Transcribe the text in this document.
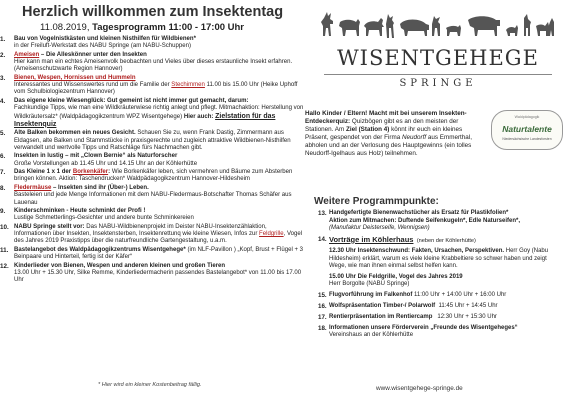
Herzlich willkommen zum Insektentag
11.08.2019, Tagesprogramm 11:00 - 17:00 Uhr
1. Bau von Vogelnistkästen und kleinen Nisthilfen für Wildbienen*
in der Freiluft-Werkstatt des NABU Springe (am NABU-Schuppen)
2. Ameisen – Die Alleskönner unter den Insekten
Hier kann man ein echtes Ameisenvolk beobachten und Vieles über dieses erstaunliche Insekt erfahren. (Ameisenschutzwarte Region Hannover)
3. Bienen, Wespen, Hornissen und Hummeln
Interessantes und Wissenswertes rund um die Familie der Stechimmen 11.00 bis 15.00 Uhr (Heike Uphoff vom Schulbiologiezentrum Hannover)
4. Das eigene kleine Wiesenglück: Gut gemeint ist nicht immer gut gemacht, darum:
Fachkundige Tipps, wie man eine Wildkräuterwiese richtig anlegt und pflegt. Mitmachaktion: Herstellung von Wildkräutersalz* (Waldpädagogikzentrum WPZ Wisentgehege) Hier auch: Zielstation für das Insektenquiz
5. Alte Balken bekommen ein neues Gesicht. Schauen Sie zu, wenn Frank Dastig, Zimmermann aus Eldagsen, alte Balken und Stammstücke in praxisgerechte und zugleich attraktive Wildbienen-Nisthilfen verwandelt und wertvolle Tipps und Ratschläge fürs Nachmachen gibt.
6. Insekten in lustig – mit „Clown Bernie“ als Naturforscher
Große Vorstellungen ab 11.45 Uhr und 14.15 Uhr an der Köhlerhütte
7. Das Kleine 1 x 1 der Borkenkäfer: Wie Borkenkäfer leben, sich vermehren und Bäume zum Absterben bringen können. Aktion: Taschendrucken* Waldpädagogikzentrum Hannover-Hildesheim
8. Fledermäuse – Insekten sind ihr (Über-) Leben.
Basteleien und jede Menge Informationen mit dem NABU-Fledermaus-Botschafter Thomas Schäfer aus Lauenau
9. Kinderschminken - Heute schminkt der Profi !
Lustige Schmetterlings-Gesichter und andere bunte Schminkereien
10. NABU Springe stellt vor: Das NABU-Wildbienenprojekt im Deister NABU-Insektenzählaktion, Informationen über Insekten, Insektensterben, Insektenrettunq wie kleine Wiesen, Infos zur Feldgrille, Vogel des Jahres 2019 Praxistipps über die naturfreundliche Gartengestaltung, u.a.m.
11. Bastelangebot des Waldpädagogikzentrums Wisentgehege* (im NLF-Pavillon ) „Kopf, Brust + Flügel + 3 Beinpaare und Hinterteil, fertig ist der Käfer“
12. Kinderlieder von Bienen, Wespen und anderen kleinen und großen Tieren
13.00 Uhr + 15.30 Uhr, Silke Remme, Kinderliedermacherin passendes Bastelangebot* von 11.00 bis 17.00 Uhr
* Hier wird ein kleiner Kostenbeitrag fällig.
WISENTGEHEGE
SPRINGE
Hallo Kinder / Eltern! Macht mit bei unserem Insekten-Entdeckerquiz: Quizbögen gibt es an den meisten der Stationen. Am Ziel (Station 4) könnt ihr euch ein kleines Präsent, gespendet von der Firma Neudorff aus Emmerthal, abholen und an der Verlosung des Hauptgewinns (ein tolles Neudorff-Igelhaus aus Holz) teilnehmen.
Waldpädagogik
Naturtalente
Niedersächsische Landesforsten
Weitere Programmpunkte:
13. Handgefertigte Bienenwachstücher als Ersatz für Plastikfolien*
Aktion zum Mitmachen: Duftende Seifenkugeln*, Edle Naturseifen*,
(Manufaktur Deisterseife, Wennigsen)
14. Vorträge im Köhlerhaus (neben der Köhlerhütte)
12.30 Uhr Insektenschwund: Fakten, Ursachen, Perspektiven. Herr Goy (Nabu Hildesheim) erklärt, warum es viele kleine Krabbeltiere so schwer haben und zeigt Wege, wie man ihnen einmal selbst helfen kann.
15.00 Uhr Die Feldgrille, Vogel des Jahres 2019
Herr Borgolte (NABU Springe)
15. Flugvorführung im Falkenhof 11:00 Uhr + 14:00 Uhr + 16:00 Uhr
16. Wolfspräsentation Timber-/ Polarwolf  11:45 Uhr + 14:45 Uhr
17. Rentierpräsentation im Rentiercamp   12:30 Uhr + 15:30 Uhr
18. Informationen unsere Förderverein „Freunde des Wisentgeheges“
Vereinshaus an der Köhlerhütte
www.wisentgehege-springe.de
